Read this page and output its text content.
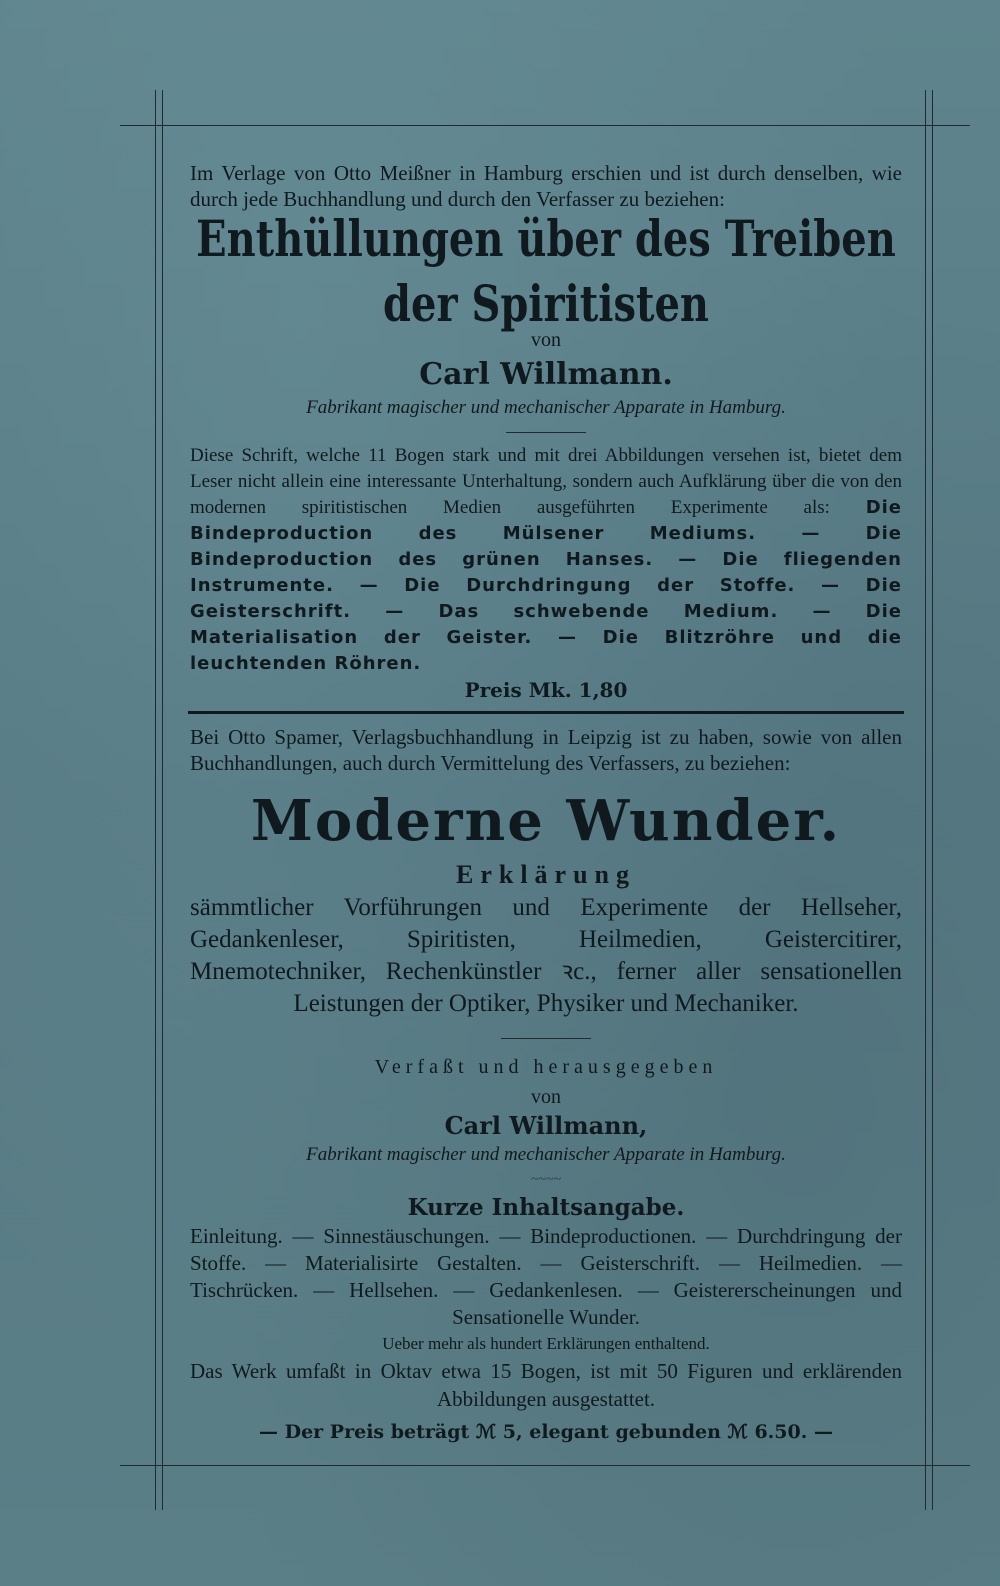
Im Verlage von Otto Meißner in Hamburg erschien und ist durch denselben, wie durch jede Buchhandlung und durch den Verfasser zu beziehen:

Enthüllungen über des Treiben der Spiritisten

von

Carl Willmann.

Fabrikant magischer und mechanischer Apparate in Hamburg.

Diese Schrift, welche 11 Bogen stark und mit drei Abbildungen versehen ist, bietet dem Leser nicht allein eine interessante Unterhaltung, sondern auch Aufklärung über die von den modernen spiritistischen Medien ausgeführten Experimente als: Die Bindeproduction des Mülsener Mediums. — Die Bindeproduction des grünen Hanses. — Die fliegenden Instrumente. — Die Durchdringung der Stoffe. — Die Geisterschrift. — Das schwebende Medium. — Die Materialisation der Geister. — Die Blitzröhre und die leuchtenden Röhren.

Preis Mk. 1,80

Bei Otto Spamer, Verlagsbuchhandlung in Leipzig ist zu haben, sowie von allen Buchhandlungen, auch durch Vermittelung des Verfassers, zu beziehen:

Moderne Wunder.

Erklärung

sämmtlicher Vorführungen und Experimente der Hellseher, Gedankenleser, Spiritisten, Heilmedien, Geistercitirer, Mnemotechniker, Rechenkünstler ꝛc., ferner aller sensationellen Leistungen der Optiker, Physiker und Mechaniker.

Verfaßt und herausgegeben

von

Carl Willmann,

Fabrikant magischer und mechanischer Apparate in Hamburg.

~~~~

Kurze Inhaltsangabe.

Einleitung. — Sinnestäuschungen. — Bindeproductionen. — Durchdringung der Stoffe. — Materialisirte Gestalten. — Geisterschrift. — Heilmedien. — Tischrücken. — Hellsehen. — Gedankenlesen. — Geistererscheinungen und Sensationelle Wunder.

Ueber mehr als hundert Erklärungen enthaltend.

Das Werk umfaßt in Oktav etwa 15 Bogen, ist mit 50 Figuren und erklärenden Abbildungen ausgestattet.

— Der Preis beträgt ℳ 5, elegant gebunden ℳ 6.50. —
